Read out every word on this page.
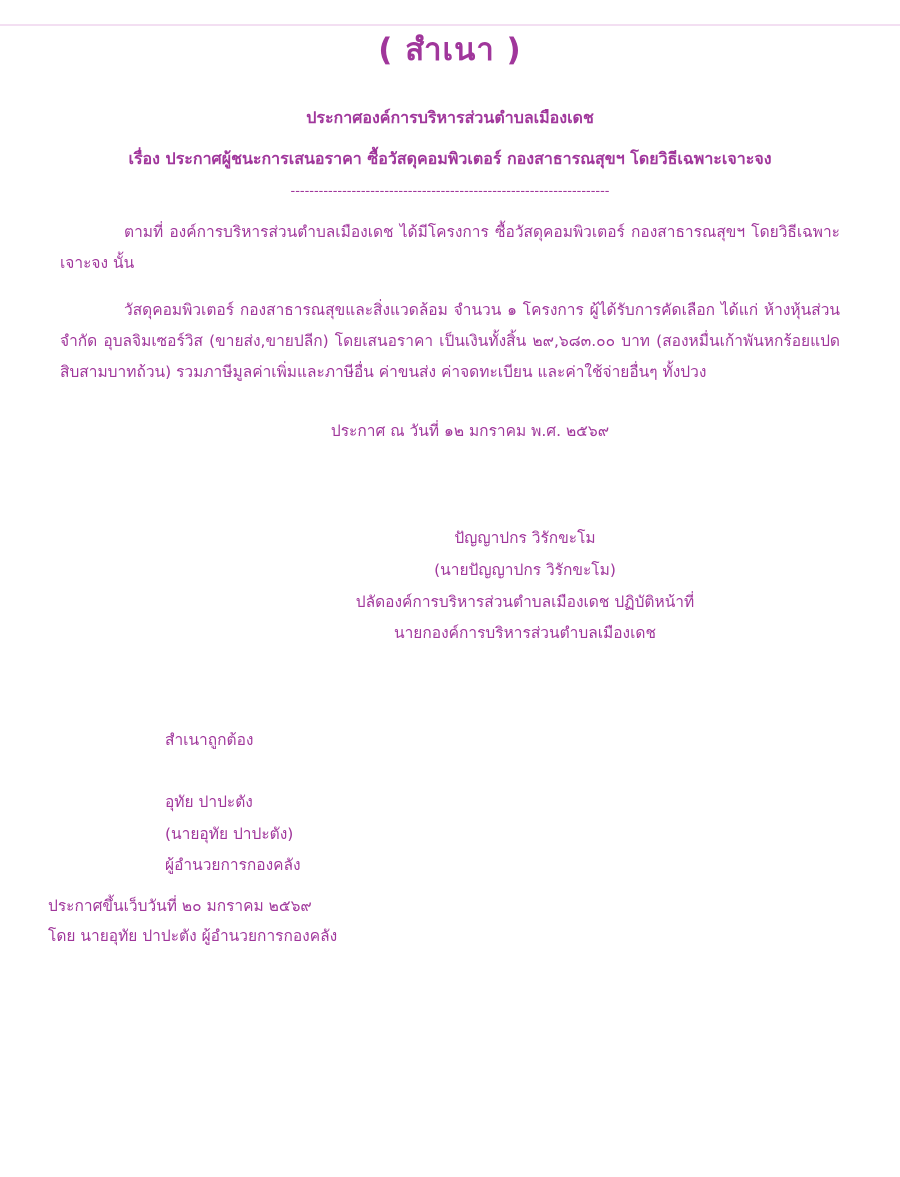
( สำเนา )
ประกาศองค์การบริหารส่วนตำบลเมืองเดช
เรื่อง ประกาศผู้ชนะการเสนอราคา ซื้อวัสดุคอมพิวเตอร์ กองสาธารณสุขฯ โดยวิธีเฉพาะเจาะจง
--------------------------------------------------------------------
ตามที่ องค์การบริหารส่วนตำบลเมืองเดช ได้มีโครงการ ซื้อวัสดุคอมพิวเตอร์ กองสาธารณสุขฯ โดยวิธีเฉพาะเจาะจง นั้น
วัสดุคอมพิวเตอร์ กองสาธารณสุขและสิ่งแวดล้อม จำนวน ๑ โครงการ ผู้ได้รับการคัดเลือก ได้แก่ ห้างหุ้นส่วนจำกัด อุบลจิมเซอร์วิส (ขายส่ง,ขายปลีก) โดยเสนอราคา เป็นเงินทั้งสิ้น ๒๙,๖๘๓.๐๐ บาท (สองหมื่นเก้าพันหกร้อยแปดสิบสามบาทถ้วน) รวมภาษีมูลค่าเพิ่มและภาษีอื่น ค่าขนส่ง ค่าจดทะเบียน และค่าใช้จ่ายอื่นๆ ทั้งปวง
ประกาศ ณ วันที่ ๑๒ มกราคม พ.ศ. ๒๕๖๙
ปัญญาปกร วิรักขะโม
(นายปัญญาปกร วิรักขะโม)
ปลัดองค์การบริหารส่วนตำบลเมืองเดช ปฏิบัติหน้าที่
นายกองค์การบริหารส่วนตำบลเมืองเดช
สำเนาถูกต้อง
อุทัย ปาปะตัง
(นายอุทัย ปาปะตัง)
ผู้อำนวยการกองคลัง
ประกาศขึ้นเว็บวันที่ ๒๐ มกราคม ๒๕๖๙
โดย นายอุทัย ปาปะตัง ผู้อำนวยการกองคลัง
